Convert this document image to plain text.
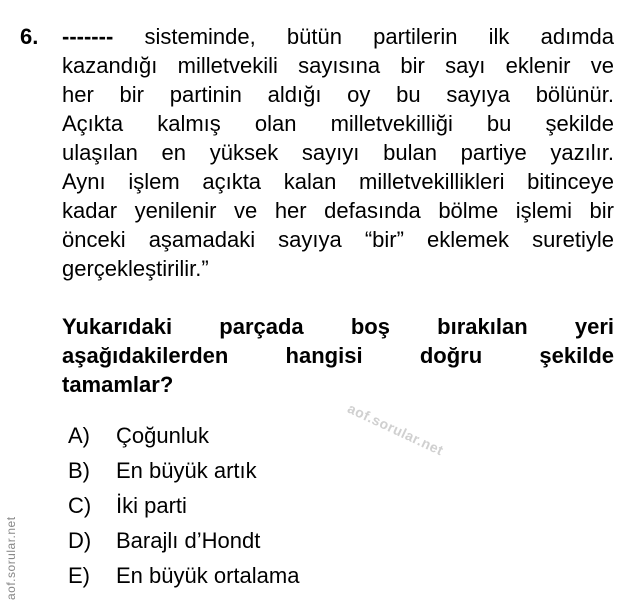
6. ------- sisteminde, bütün partilerin ilk adımda
kazandığı milletvekili sayısına bir sayı eklenir ve
her bir partinin aldığı oy bu sayıya bölünür.
Açıkta kalmış olan milletvekilliği bu şekilde
ulaşılan en yüksek sayıyı bulan partiye yazılır.
Aynı işlem açıkta kalan milletvekillikleri bitinceye
kadar yenilenir ve her defasında bölme işlemi bir
önceki aşamadaki sayıya “bir” eklemek suretiyle
gerçekleştirilir.”
Yukarıdaki parçada boş bırakılan yeri
aşağıdakilerden hangisi doğru şekilde
tamamlar?
A)	Çoğunluk
B)	En büyük artık
C)	İki parti
D)	Barajlı d’Hondt
E)	En büyük ortalama
aof.sorular.net
aof.sorular.net
